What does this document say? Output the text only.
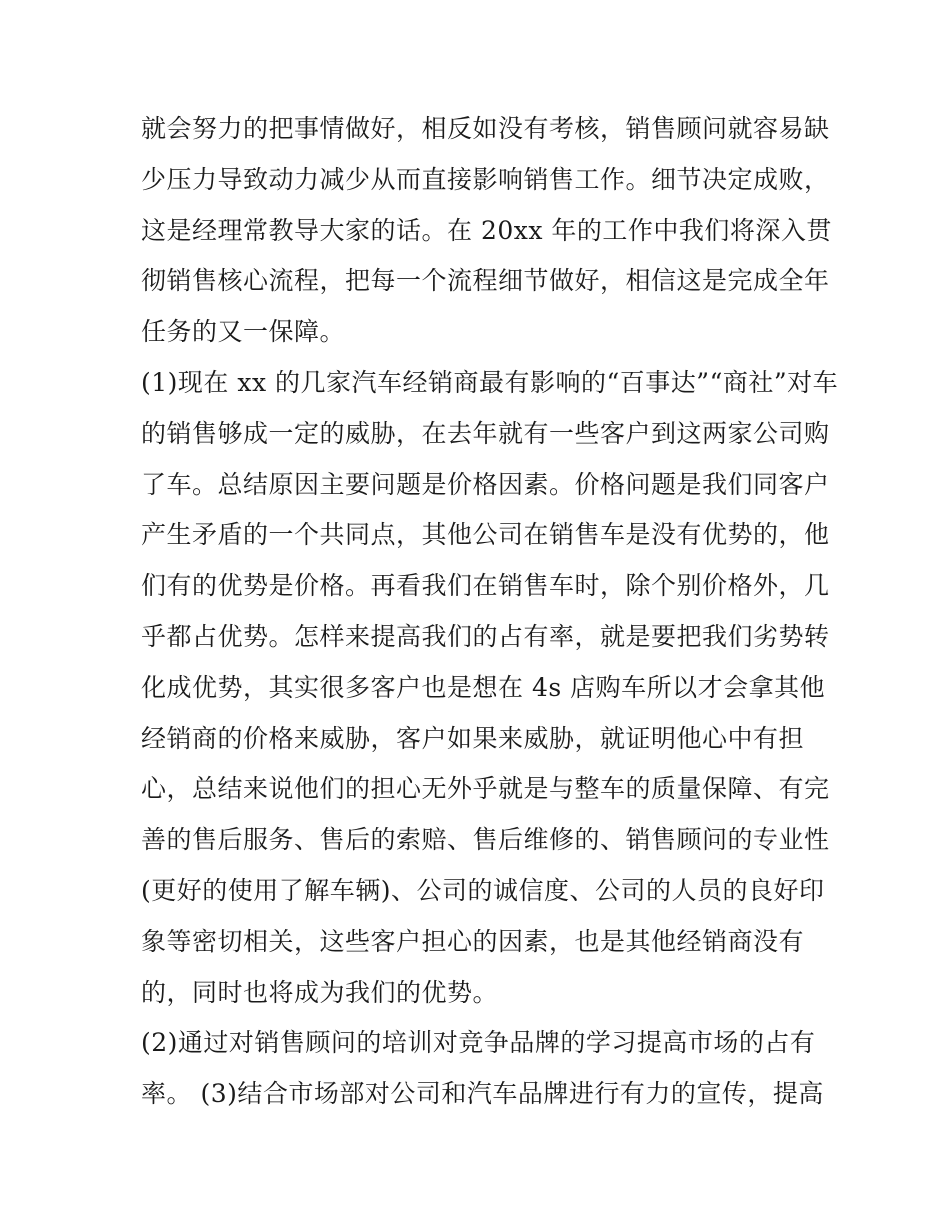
就会努力的把事情做好，相反如没有考核，销售顾问就容易缺
少压力导致动力减少从而直接影响销售工作。细节决定成败，
这是经理常教导大家的话。在 20xx 年的工作中我们将深入贯
彻销售核心流程，把每一个流程细节做好，相信这是完成全年
任务的又一保障。
(1)现在 xx 的几家汽车经销商最有影响的“百事达”“商社”对车
的销售够成一定的威胁，在去年就有一些客户到这两家公司购
了车。总结原因主要问题是价格因素。价格问题是我们同客户
产生矛盾的一个共同点，其他公司在销售车是没有优势的，他
们有的优势是价格。再看我们在销售车时，除个别价格外，几
乎都占优势。怎样来提高我们的占有率，就是要把我们劣势转
化成优势，其实很多客户也是想在 4s 店购车所以才会拿其他
经销商的价格来威胁，客户如果来威胁，就证明他心中有担
心，总结来说他们的担心无外乎就是与整车的质量保障、有完
善的售后服务、售后的索赔、售后维修的、销售顾问的专业性
(更好的使用了解车辆)、公司的诚信度、公司的人员的良好印
象等密切相关，这些客户担心的因素，也是其他经销商没有
的，同时也将成为我们的优势。
(2)通过对销售顾问的培训对竞争品牌的学习提高市场的占有
率。 (3)结合市场部对公司和汽车品牌进行有力的宣传，提高
